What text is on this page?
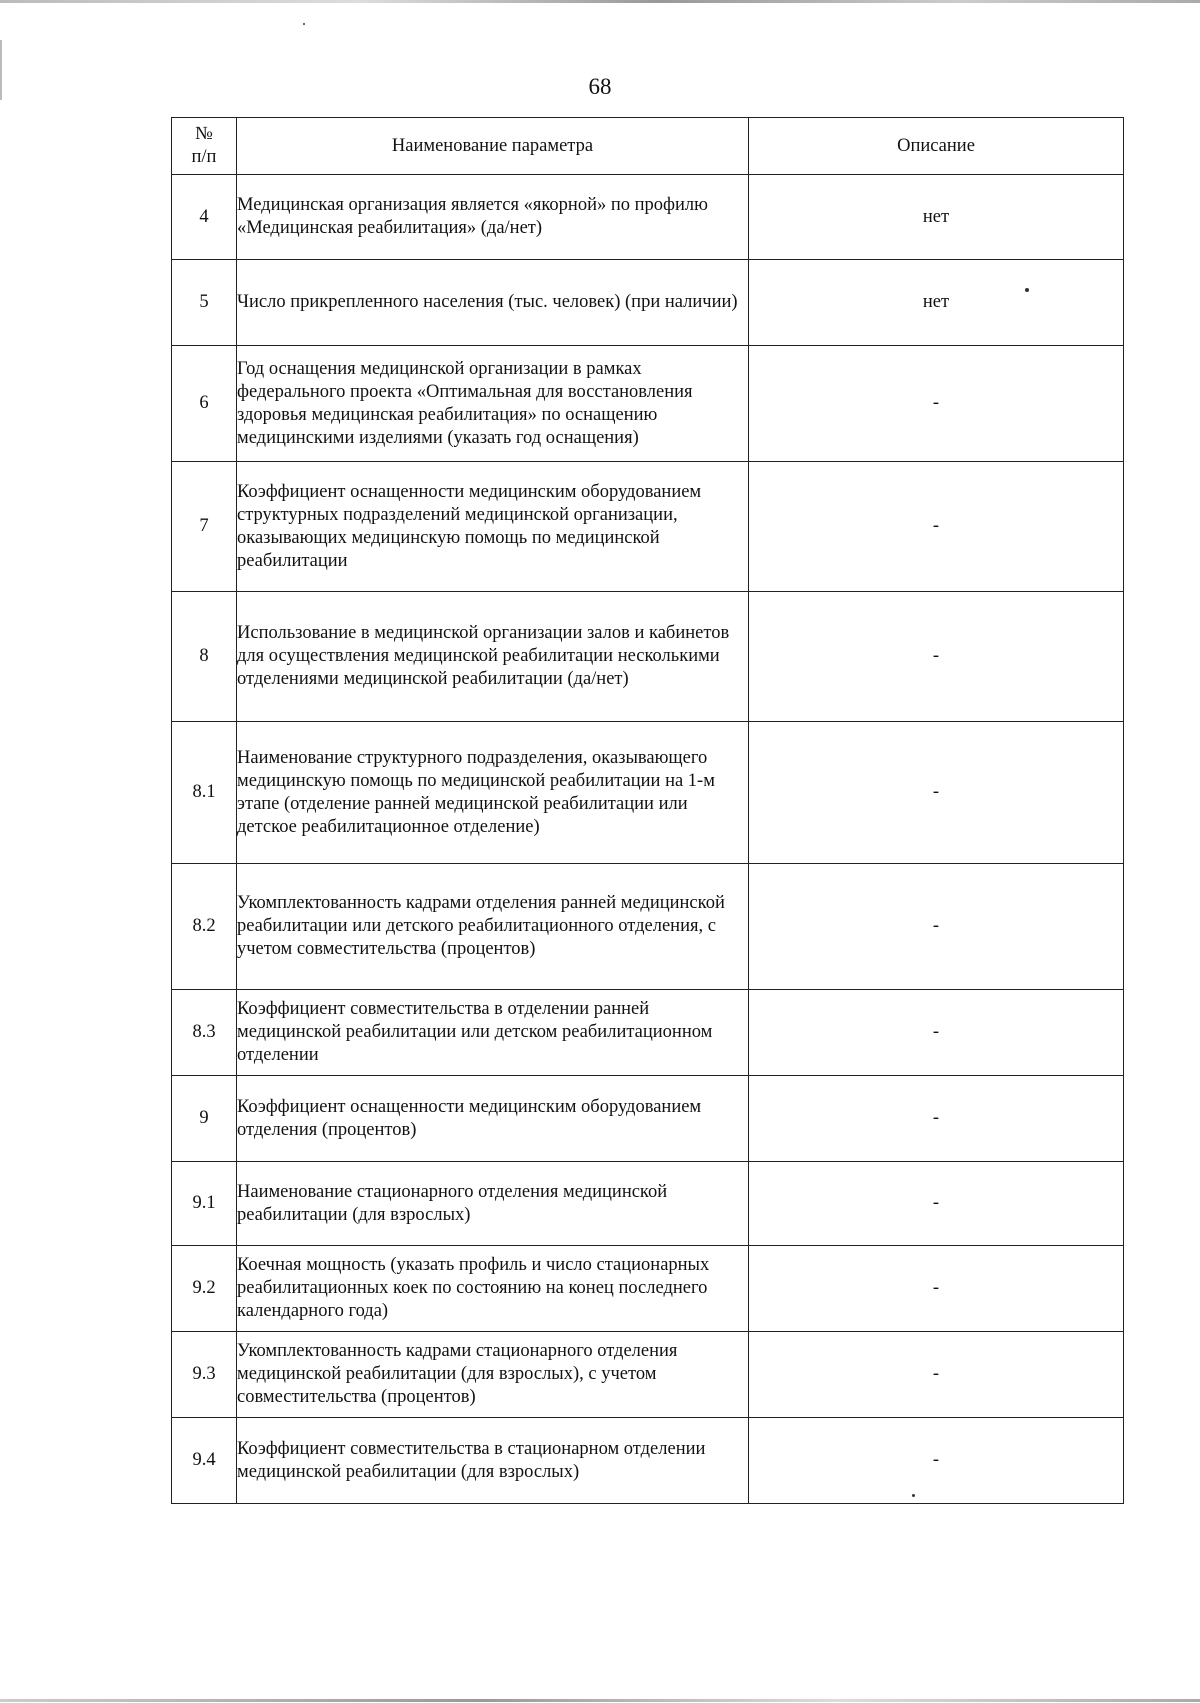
68
№
п/п	Наименование параметра	Описание
4	Медицинская организация является «якорной» по профилю «Медицинская реабилитация» (да/нет)	нет
5	Число прикрепленного населения (тыс. человек) (при наличии)	нет
6	Год оснащения медицинской организации в рамках федерального проекта «Оптимальная для восстановления здоровья медицинская реабилитация» по оснащению медицинскими изделиями (указать год оснащения)	-
7	Коэффициент оснащенности медицинским оборудованием структурных подразделений медицинской организации, оказывающих медицинскую помощь по медицинской реабилитации	-
8	Использование в медицинской организации залов и кабинетов для осуществления медицинской реабилитации несколькими отделениями медицинской реабилитации (да/нет)	-
8.1	Наименование структурного подразделения, оказывающего медицинскую помощь по медицинской реабилитации на 1-м этапе (отделение ранней медицинской реабилитации или детское реабилитационное отделение)	-
8.2	Укомплектованность кадрами отделения ранней медицинской реабилитации или детского реабилитационного отделения, с учетом совместительства (процентов)	-
8.3	Коэффициент совместительства в отделении ранней медицинской реабилитации или детском реабилитационном отделении	-
9	Коэффициент оснащенности медицинским оборудованием отделения (процентов)	-
9.1	Наименование стационарного отделения медицинской реабилитации (для взрослых)	-
9.2	Коечная мощность (указать профиль и число стационарных реабилитационных коек по состоянию на конец последнего календарного года)	-
9.3	Укомплектованность кадрами стационарного отделения медицинской реабилитации (для взрослых), с учетом совместительства (процентов)	-
9.4	Коэффициент совместительства в стационарном отделении медицинской реабилитации (для взрослых)	-
